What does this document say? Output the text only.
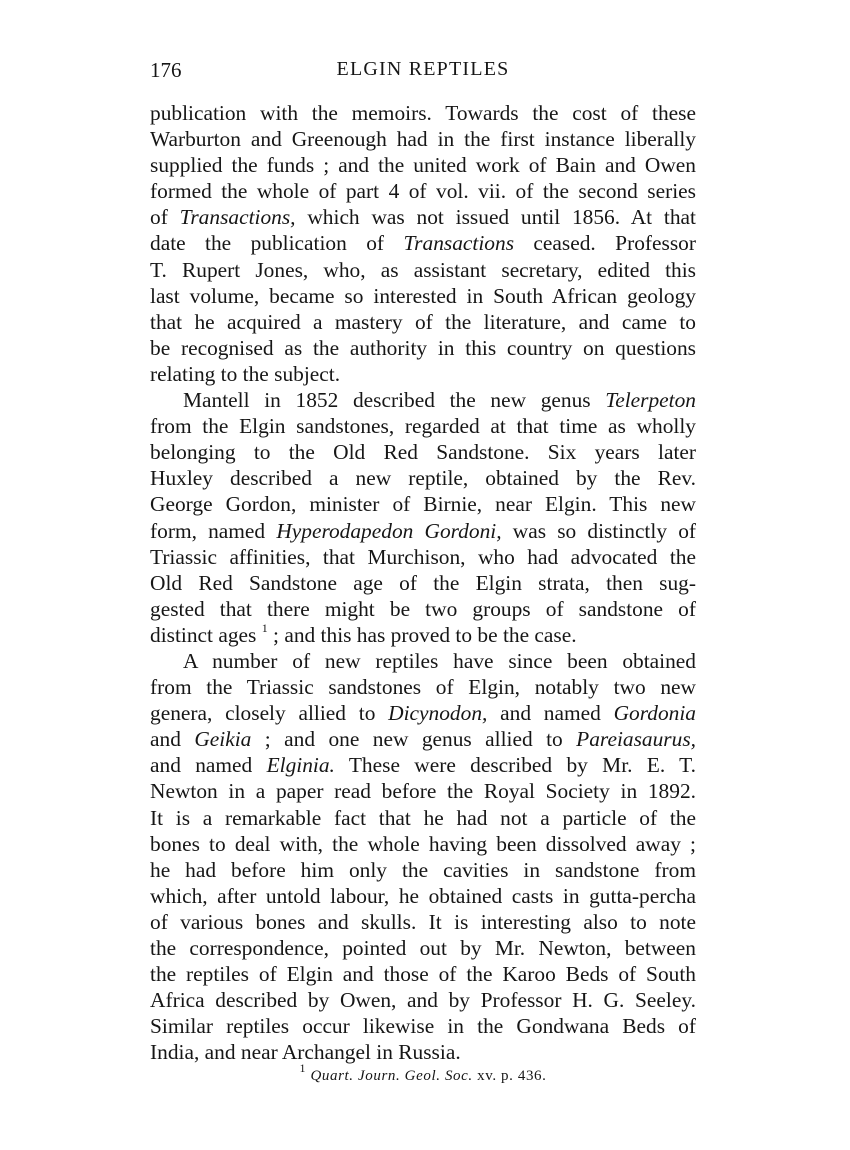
176	ELGIN REPTILES
publication with the memoirs. Towards the cost of these
Warburton and Greenough had in the first instance liberally
supplied the funds ; and the united work of Bain and Owen
formed the whole of part 4 of vol. vii. of the second series
of Transactions, which was not issued until 1856. At that
date the publication of Transactions ceased. Professor
T. Rupert Jones, who, as assistant secretary, edited this
last volume, became so interested in South African geology
that he acquired a mastery of the literature, and came to
be recognised as the authority in this country on questions
relating to the subject.
Mantell in 1852 described the new genus Telerpeton
from the Elgin sandstones, regarded at that time as wholly
belonging to the Old Red Sandstone. Six years later
Huxley described a new reptile, obtained by the Rev.
George Gordon, minister of Birnie, near Elgin. This new
form, named Hyperodapedon Gordoni, was so distinctly of
Triassic affinities, that Murchison, who had advocated the
Old Red Sandstone age of the Elgin strata, then sug-
gested that there might be two groups of sandstone of
distinct ages $^1$ ; and this has proved to be the case.
A number of new reptiles have since been obtained
from the Triassic sandstones of Elgin, notably two new
genera, closely allied to Dicynodon, and named Gordonia
and Geikia ; and one new genus allied to Pareiasaurus,
and named Elginia. These were described by Mr. E. T.
Newton in a paper read before the Royal Society in 1892.
It is a remarkable fact that he had not a particle of the
bones to deal with, the whole having been dissolved away ;
he had before him only the cavities in sandstone from
which, after untold labour, he obtained casts in gutta-percha
of various bones and skulls. It is interesting also to note
the correspondence, pointed out by Mr. Newton, between
the reptiles of Elgin and those of the Karoo Beds of South
Africa described by Owen, and by Professor H. G. Seeley.
Similar reptiles occur likewise in the Gondwana Beds of
India, and near Archangel in Russia.
$^1$ Quart. Journ. Geol. Soc. xv. p. 436.
